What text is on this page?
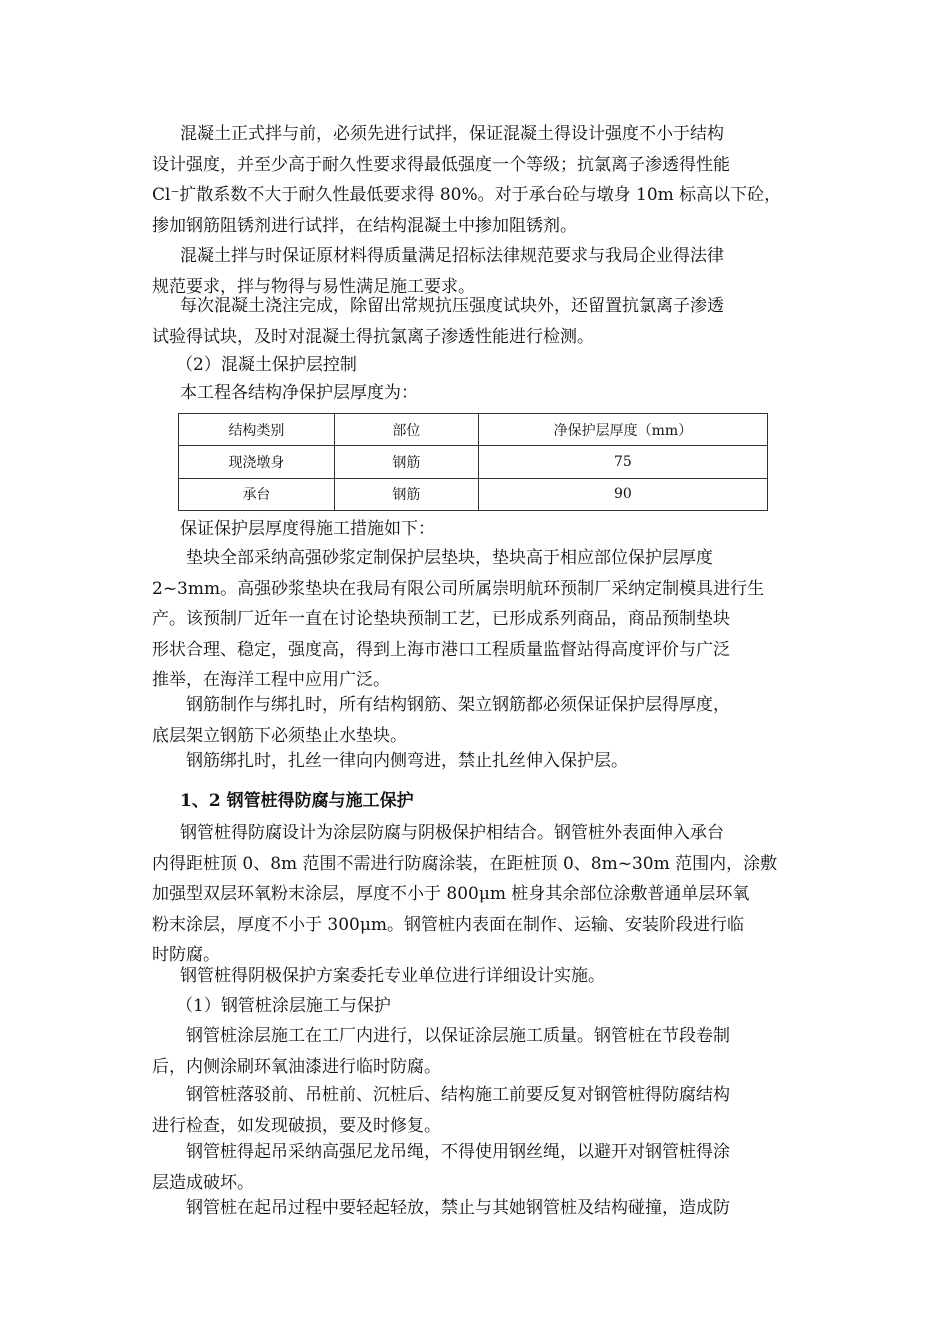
混凝土正式拌与前，必须先进行试拌，保证混凝土得设计强度不小于结构
设计强度，并至少高于耐久性要求得最低强度一个等级；抗氯离子渗透得性能
Cl⁻扩散系数不大于耐久性最低要求得 80%。对于承台砼与墩身 10m 标高以下砼，
掺加钢筋阻锈剂进行试拌，在结构混凝土中掺加阻锈剂。
混凝土拌与时保证原材料得质量满足招标法律规范要求与我局企业得法律
规范要求，拌与物得与易性满足施工要求。
每次混凝土浇注完成，除留出常规抗压强度试块外，还留置抗氯离子渗透
试验得试块，及时对混凝土得抗氯离子渗透性能进行检测。
（2）混凝土保护层控制
本工程各结构净保护层厚度为：
结构类别	部位	净保护层厚度（mm）
现浇墩身	钢筋	75
承台	钢筋	90
保证保护层厚度得施工措施如下：
垫块全部采纳高强砂浆定制保护层垫块，垫块高于相应部位保护层厚度
2~3mm。高强砂浆垫块在我局有限公司所属崇明航环预制厂采纳定制模具进行生
产。该预制厂近年一直在讨论垫块预制工艺，已形成系列商品，商品预制垫块
形状合理、稳定，强度高，得到上海市港口工程质量监督站得高度评价与广泛
推举，在海洋工程中应用广泛。
钢筋制作与绑扎时，所有结构钢筋、架立钢筋都必须保证保护层得厚度，
底层架立钢筋下必须垫止水垫块。
钢筋绑扎时，扎丝一律向内侧弯进，禁止扎丝伸入保护层。
1、2 钢管桩得防腐与施工保护
钢管桩得防腐设计为涂层防腐与阴极保护相结合。钢管桩外表面伸入承台
内得距桩顶 0、8m 范围不需进行防腐涂装，在距桩顶 0、8m~30m 范围内，涂敷
加强型双层环氧粉末涂层，厚度不小于 800μm 桩身其余部位涂敷普通单层环氧
粉末涂层，厚度不小于 300μm。钢管桩内表面在制作、运输、安装阶段进行临
时防腐。
钢管桩得阴极保护方案委托专业单位进行详细设计实施。
（1）钢管桩涂层施工与保护
钢管桩涂层施工在工厂内进行，以保证涂层施工质量。钢管桩在节段卷制
后，内侧涂刷环氧油漆进行临时防腐。
钢管桩落驳前、吊桩前、沉桩后、结构施工前要反复对钢管桩得防腐结构
进行检查，如发现破损，要及时修复。
钢管桩得起吊采纳高强尼龙吊绳，不得使用钢丝绳，以避开对钢管桩得涂
层造成破坏。
钢管桩在起吊过程中要轻起轻放，禁止与其她钢管桩及结构碰撞，造成防
